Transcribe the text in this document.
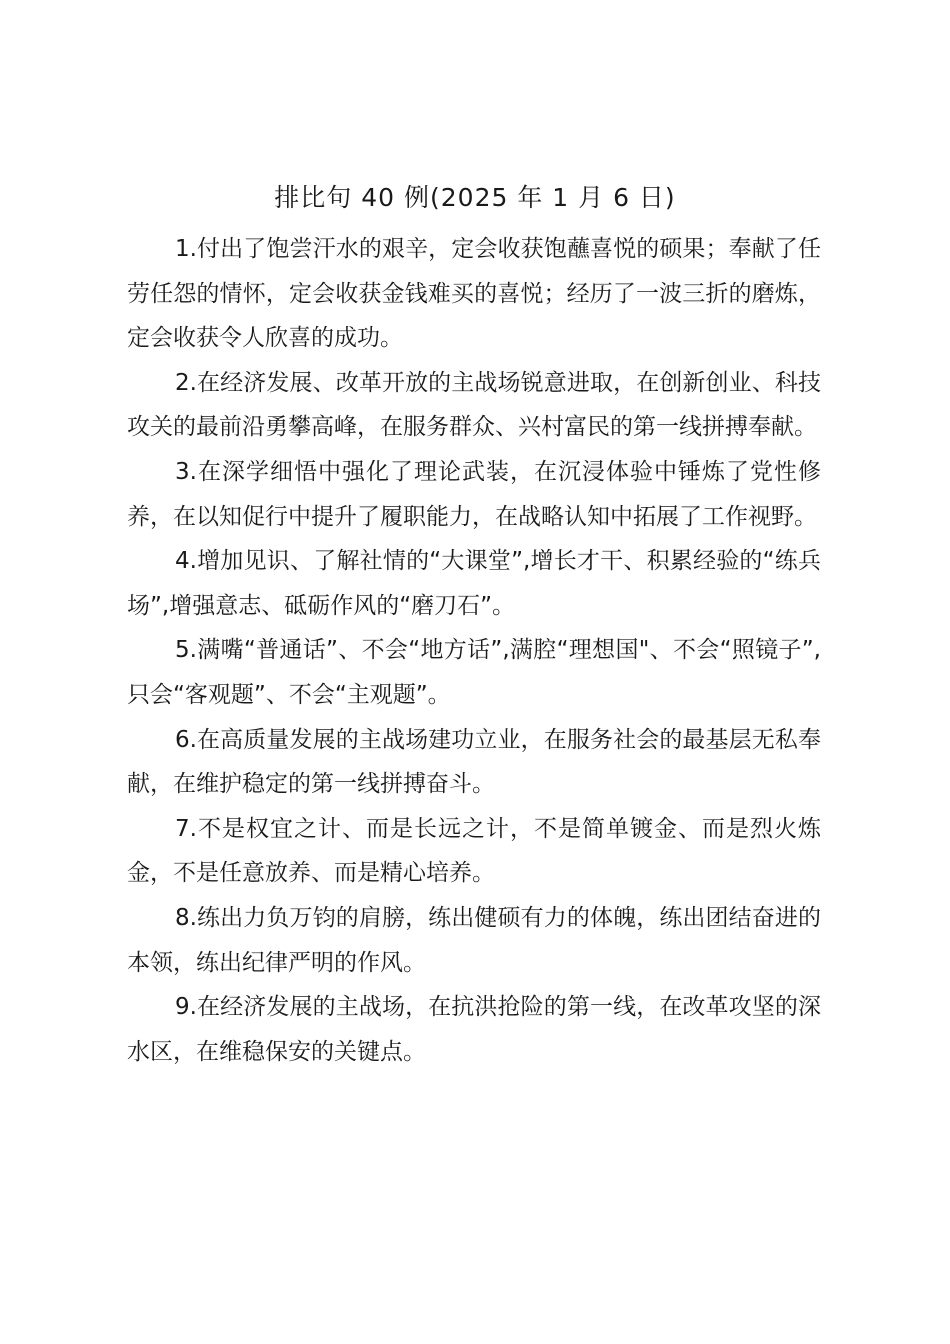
排比句 40 例(2025 年 1 月 6 日)

1.付出了饱尝汗水的艰辛，定会收获饱蘸喜悦的硕果；奉献了任劳任怨的情怀，定会收获金钱难买的喜悦；经历了一波三折的磨炼，定会收获令人欣喜的成功。

2.在经济发展、改革开放的主战场锐意进取，在创新创业、科技攻关的最前沿勇攀高峰，在服务群众、兴村富民的第一线拼搏奉献。

3.在深学细悟中强化了理论武装，在沉浸体验中锤炼了党性修养，在以知促行中提升了履职能力，在战略认知中拓展了工作视野。

4.增加见识、了解社情的“大课堂”,增长才干、积累经验的“练兵场”,增强意志、砥砺作风的“磨刀石”。

5.满嘴“普通话”、不会“地方话”,满腔“理想国"、不会“照镜子”,只会“客观题”、不会“主观题”。

6.在高质量发展的主战场建功立业，在服务社会的最基层无私奉献，在维护稳定的第一线拼搏奋斗。

7.不是权宜之计、而是长远之计，不是简单镀金、而是烈火炼金，不是任意放养、而是精心培养。

8.练出力负万钧的肩膀，练出健硕有力的体魄，练出团结奋进的本领，练出纪律严明的作风。

9.在经济发展的主战场，在抗洪抢险的第一线，在改革攻坚的深水区，在维稳保安的关键点。
